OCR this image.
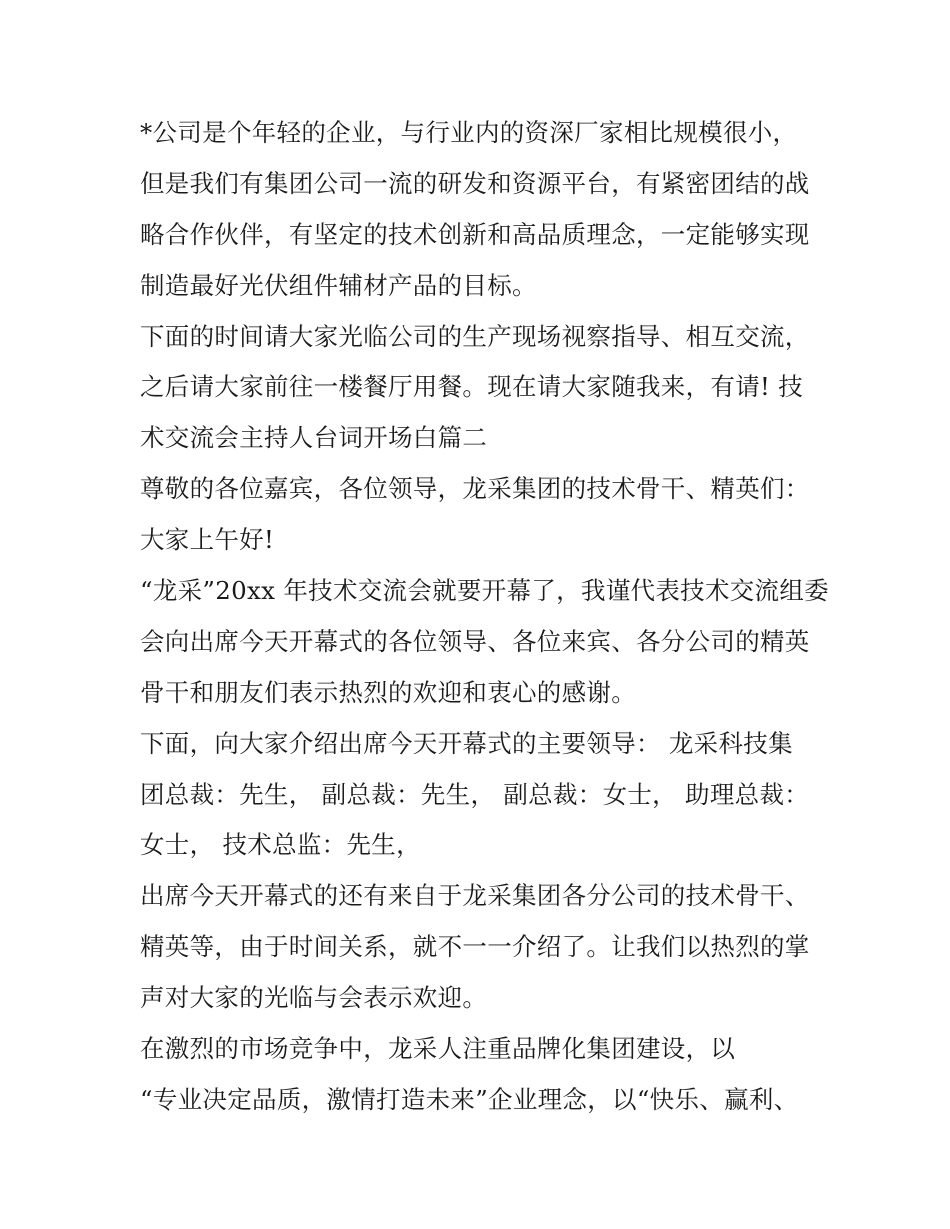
*公司是个年轻的企业，与行业内的资深厂家相比规模很小，
但是我们有集团公司一流的研发和资源平台，有紧密团结的战
略合作伙伴，有坚定的技术创新和高品质理念，一定能够实现
制造最好光伏组件辅材产品的目标。
下面的时间请大家光临公司的生产现场视察指导、相互交流，
之后请大家前往一楼餐厅用餐。现在请大家随我来，有请! 技
术交流会主持人台词开场白篇二
尊敬的各位嘉宾，各位领导，龙采集团的技术骨干、精英们：
大家上午好!
“龙采”20xx 年技术交流会就要开幕了，我谨代表技术交流组委
会向出席今天开幕式的各位领导、各位来宾、各分公司的精英
骨干和朋友们表示热烈的欢迎和衷心的感谢。
下面，向大家介绍出席今天开幕式的主要领导： 龙采科技集
团总裁：先生， 副总裁：先生， 副总裁：女士， 助理总裁：
女士， 技术总监：先生，
出席今天开幕式的还有来自于龙采集团各分公司的技术骨干、
精英等，由于时间关系，就不一一介绍了。让我们以热烈的掌
声对大家的光临与会表示欢迎。
在激烈的市场竞争中，龙采人注重品牌化集团建设，以
“专业决定品质，激情打造未来”企业理念，以“快乐、赢利、
